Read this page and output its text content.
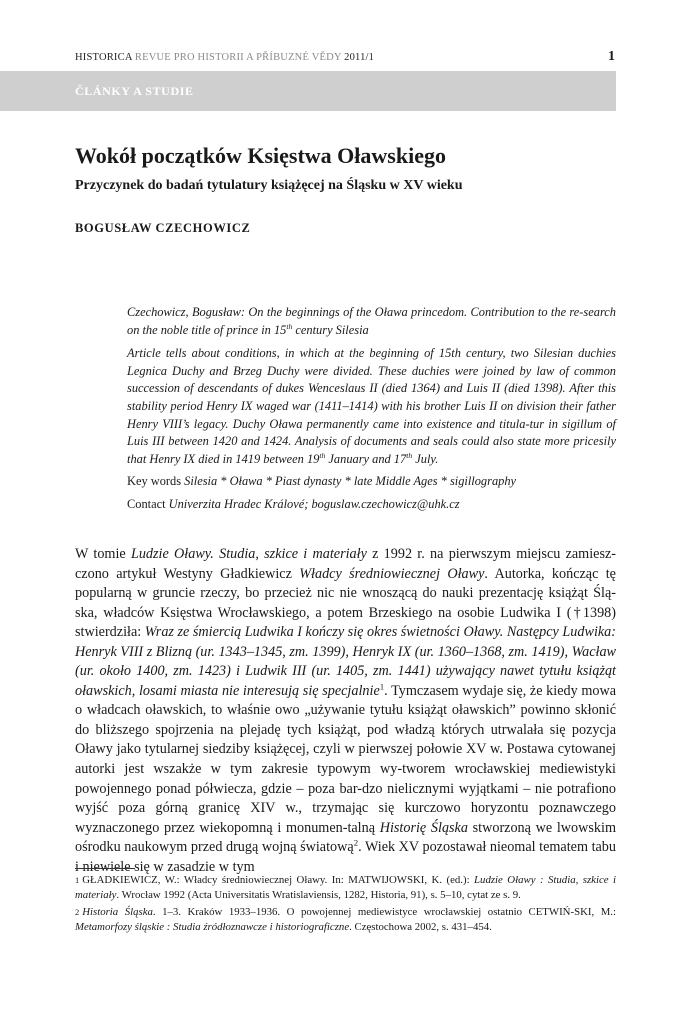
HISTORICA REVUE PRO HISTORII A PŘÍBUZNÉ VĚDY 2011/1	1
ČLÁNKY A STUDIE
Wokół początków Księstwa Oławskiego
Przyczynek do badań tytulatury książęcej na Śląsku w XV wieku
BOGUSŁAW CZECHOWICZ

Czechowicz, Bogusław: On the beginnings of the Oława princedom. Contribution to the re-search on the noble title of prince in 15th century Silesia

Article tells about conditions, in which at the beginning of 15th century, two Silesian duchies Legnica Duchy and Brzeg Duchy were divided. These duchies were joined by law of common succession of descendants of dukes Wenceslaus II (died 1364) and Luis II (died 1398). After this stability period Henry IX waged war (1411–1414) with his brother Luis II on division their father Henry VIII’s legacy. Duchy Oława permanently came into existence and titula-tur in sigillum of Luis III between 1420 and 1424. Analysis of documents and seals could also state more pricesily that Henry IX died in 1419 between 19th January and 17th July.

Key words Silesia * Oława * Piast dynasty * late Middle Ages * sigillography

Contact Univerzita Hradec Králové; boguslaw.czechowicz@uhk.cz

W tomie Ludzie Oławy. Studia, szkice i materiały z 1992 r. na pierwszym miejscu zamiesz-czono artykuł Westyny Gładkiewicz Władcy średniowiecznej Oławy. Autorka, kończąc tę popularną w gruncie rzeczy, bo przecież nic nie wnoszącą do nauki prezentację książąt Ślą-ska, władców Księstwa Wrocławskiego, a potem Brzeskiego na osobie Ludwika I (†1398) stwierdziła: Wraz ze śmiercią Ludwika I kończy się okres świetności Oławy. Następcy Ludwika: Henryk VIII z Blizną (ur. 1343–1345, zm. 1399), Henryk IX (ur. 1360–1368, zm. 1419), Wacław (ur. około 1400, zm. 1423) i Ludwik III (ur. 1405, zm. 1441) używający nawet tytułu książąt oławskich, losami miasta nie interesują się specjalnie$^1$. Tymczasem wydaje się, że kiedy mowa o władcach oławskich, to właśnie owo „używanie tytułu książąt oławskich” powinno skłonić do bliższego spojrzenia na plejadę tych książąt, pod władzą których utrwalała się pozycja Oławy jako tytularnej siedziby książęcej, czyli w pierwszej połowie XV w. Postawa cytowanej autorki jest wszakże w tym zakresie typowym wy-tworem wrocławskiej mediewistyki powojennego ponad półwiecza, gdzie – poza bar-dzo nielicznymi wyjątkami – nie potrafiono wyjść poza górną granicę XIV w., trzymając się kurczowo horyzontu poznawczego wyznaczonego przez wiekopomną i monumen-talną Historię Śląska stworzoną we lwowskim ośrodku naukowym przed drugą wojną światową$^2$. Wiek XV pozostawał nieomal tematem tabu i niewiele się w zasadzie w tym

$^1$ GŁADKIEWICZ, W.: Władcy średniowiecznej Oławy. In: MATWIJOWSKI, K. (ed.): Ludzie Oławy : Studia, szkice i materiały. Wrocław 1992 (Acta Universitatis Wratislaviensis, 1282, Historia, 91), s. 5–10, cytat ze s. 9.

$^2$ Historia Śląska. 1–3. Kraków 1933–1936. O powojennej mediewistyce wrocławskiej ostatnio CETWIŃ-SKI, M.: Metamorfozy śląskie : Studia źródłoznawcze i historiograficzne. Częstochowa 2002, s. 431–454.
